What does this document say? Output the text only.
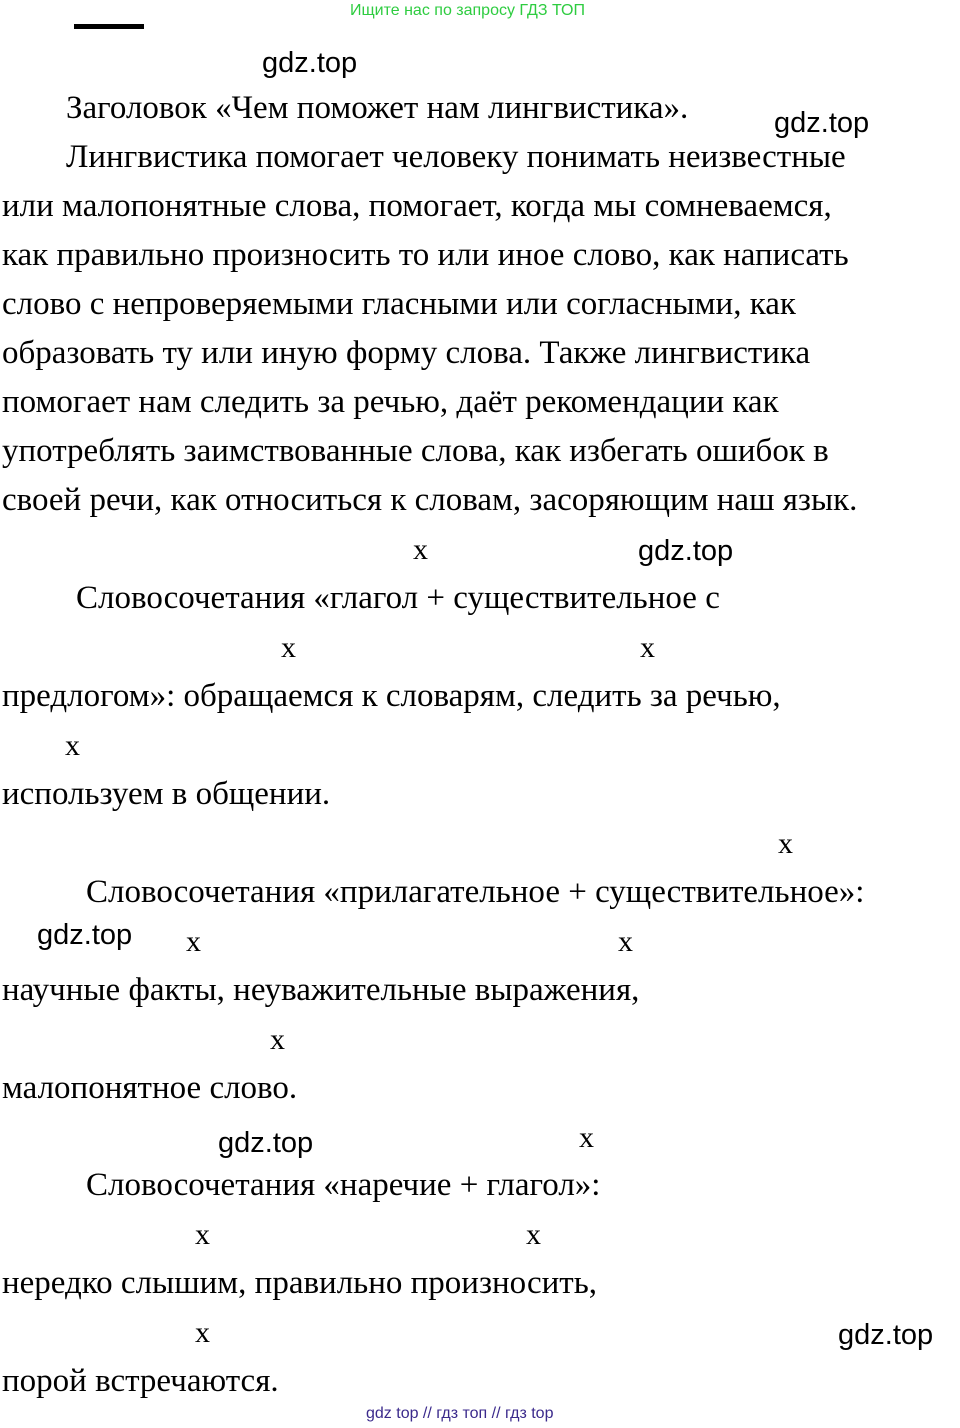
Ищите нас по запросу ГДЗ ТОП
gdz.top
gdz.top
gdz.top
gdz.top
gdz.top
gdz.top
Заголовок «Чем поможет нам лингвистика».
Лингвистика помогает человеку понимать неизвестные
или малопонятные слова, помогает, когда мы сомневаемся,
как правильно произносить то или иное слово, как написать
слово с непроверяемыми гласными или согласными, как
образовать ту или иную форму слова. Также лингвистика
помогает нам следить за речью, даёт рекомендации как
употреблять заимствованные слова, как избегать ошибок в
своей речи, как относиться к словам, засоряющим наш язык.
x
Словосочетания «глагол + существительное с
x	x
предлогом»: обращаемся к словарям, следить за речью,
x
используем в общении.
x
Словосочетания «прилагательное + существительное»:
x	x
научные факты, неуважительные выражения,
x
малопонятное слово.
x
Словосочетания «наречие + глагол»:
x	x
нередко слышим, правильно произносить,
x
порой встречаются.
gdz top // гдз топ // гдз top
